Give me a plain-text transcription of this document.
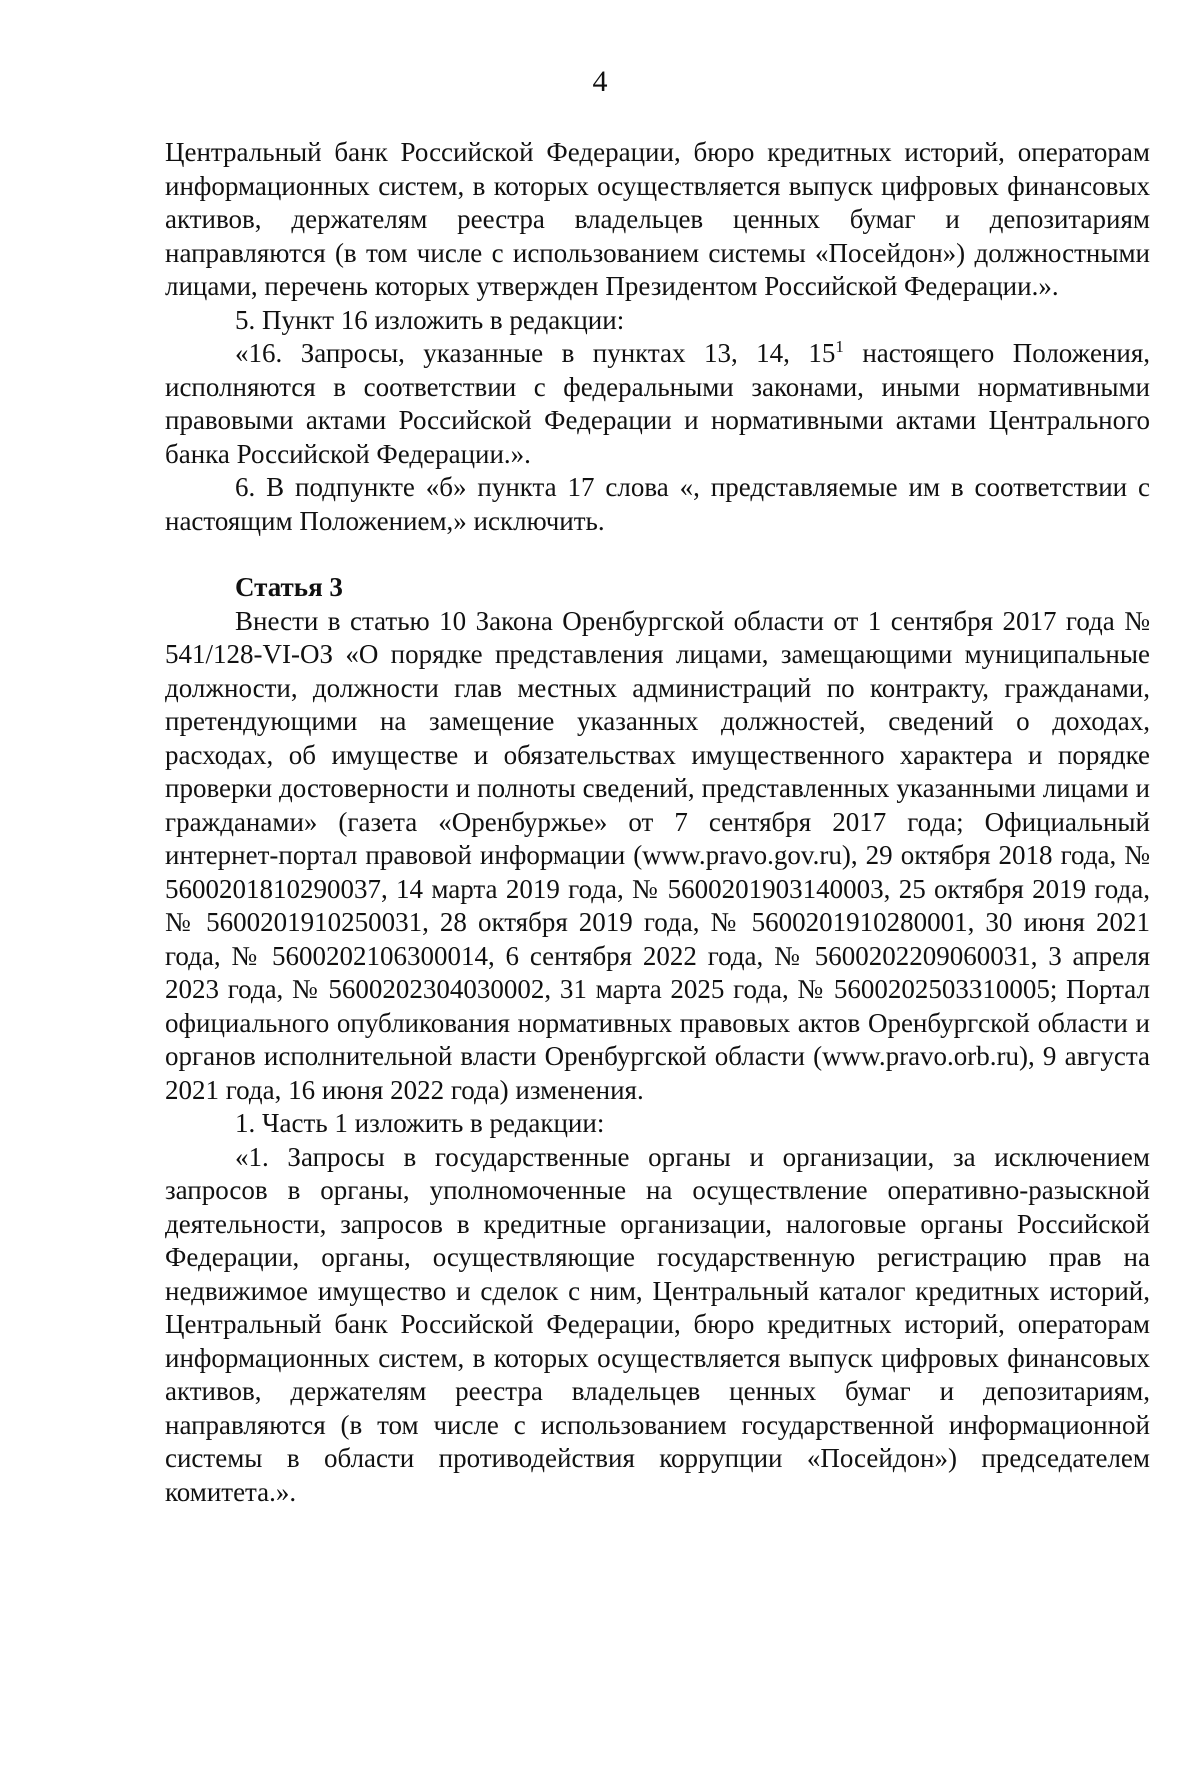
4

Центральный банк Российской Федерации, бюро кредитных историй, операторам информационных систем, в которых осуществляется выпуск цифровых финансовых активов, держателям реестра владельцев ценных бумаг и депозитариям направляются (в том числе с использованием системы «Посейдон») должностными лицами, перечень которых утвержден Президентом Российской Федерации.».

5. Пункт 16 изложить в редакции:

«16. Запросы, указанные в пунктах 13, 14, $15^1$ настоящего Положения, исполняются в соответствии с федеральными законами, иными нормативными правовыми актами Российской Федерации и нормативными актами Центрального банка Российской Федерации.».

6. В подпункте «б» пункта 17 слова «, представляемые им в соответствии с настоящим Положением,» исключить.

Статья 3

Внести в статью 10 Закона Оренбургской области от 1 сентября 2017 года № 541/128-VI-ОЗ «О порядке представления лицами, замещающими муниципальные должности, должности глав местных администраций по контракту, гражданами, претендующими на замещение указанных должностей, сведений о доходах, расходах, об имуществе и обязательствах имущественного характера и порядке проверки достоверности и полноты сведений, представленных указанными лицами и гражданами» (газета «Оренбуржье» от 7 сентября 2017 года; Официальный интернет-портал правовой информации (www.pravo.gov.ru), 29 октября 2018 года, № 5600201810290037, 14 марта 2019 года, № 5600201903140003, 25 октября 2019 года, № 5600201910250031, 28 октября 2019 года, № 5600201910280001, 30 июня 2021 года, № 5600202106300014, 6 сентября 2022 года, № 5600202209060031, 3 апреля 2023 года, № 5600202304030002, 31 марта 2025 года, № 5600202503310005; Портал официального опубликования нормативных правовых актов Оренбургской области и органов исполнительной власти Оренбургской области (www.pravo.orb.ru), 9 августа 2021 года, 16 июня 2022 года) изменения.

1. Часть 1 изложить в редакции:

«1. Запросы в государственные органы и организации, за исключением запросов в органы, уполномоченные на осуществление оперативно-разыскной деятельности, запросов в кредитные организации, налоговые органы Российской Федерации, органы, осуществляющие государственную регистрацию прав на недвижимое имущество и сделок с ним, Центральный каталог кредитных историй, Центральный банк Российской Федерации, бюро кредитных историй, операторам информационных систем, в которых осуществляется выпуск цифровых финансовых активов, держателям реестра владельцев ценных бумаг и депозитариям, направляются (в том числе с использованием государственной информационной системы в области противодействия коррупции «Посейдон») председателем комитета.».
